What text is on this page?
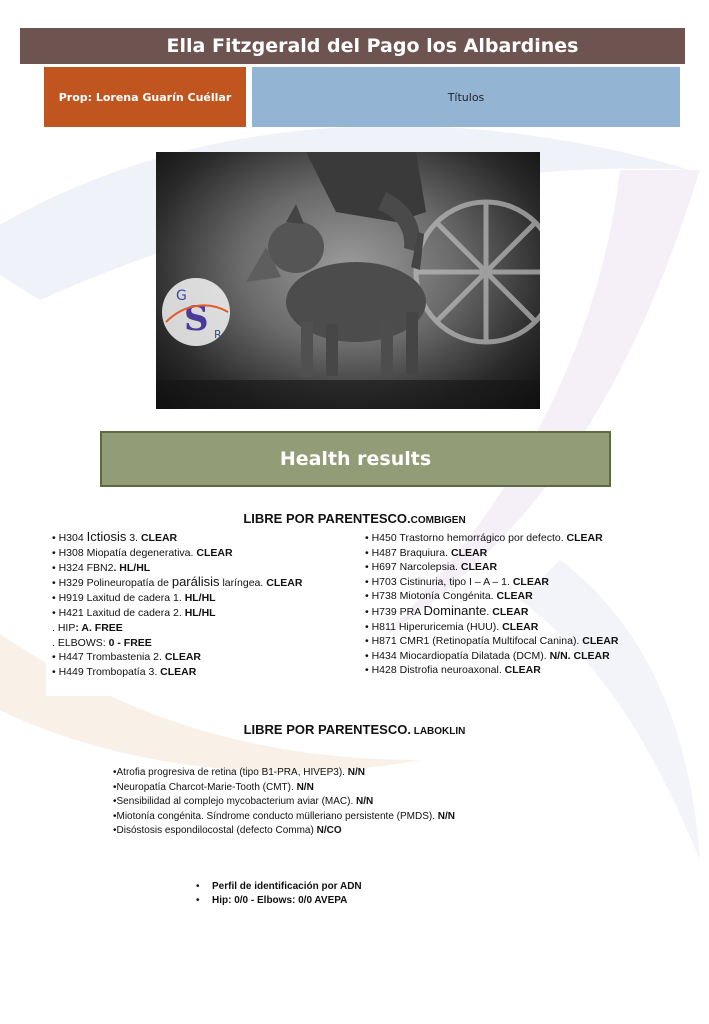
Ella Fitzgerald del Pago los Albardines
Prop: Lorena Guarín Cuéllar	Títulos
G
S R
Health results
LIBRE POR PARENTESCO.COMBIGEN
• H304 Ictiosis 3. CLEAR
• H308 Miopatía degenerativa. CLEAR
• H324 FBN2. HL/HL
• H329 Polineuropatía de parálisis laríngea. CLEAR
• H919 Laxitud de cadera 1. HL/HL
• H421 Laxitud de cadera 2. HL/HL
. HIP: A. FREE
. ELBOWS: 0 - FREE
• H447 Trombastenia 2. CLEAR
• H449 Trombopatía 3. CLEAR
• H450 Trastorno hemorrágico por defecto. CLEAR
• H487 Braquiura. CLEAR
• H697 Narcolepsia. CLEAR
• H703 Cistinuria, tipo I – A – 1. CLEAR
• H738 Miotonía Congénita. CLEAR
• H739 PRA Dominante. CLEAR
• H811 Hiperuricemia (HUU). CLEAR
• H871 CMR1 (Retinopatía Multifocal Canina). CLEAR
• H434 Miocardiopatía Dilatada (DCM). N/N. CLEAR
• H428 Distrofia neuroaxonal. CLEAR
LIBRE POR PARENTESCO. LABOKLIN
•Atrofia progresiva de retina (tipo B1-PRA, HIVEP3). N/N
•Neuropatía Charcot-Marie-Tooth (CMT). N/N
•Sensibilidad al complejo mycobacterium aviar (MAC). N/N
•Miotonía congénita. Síndrome conducto mülleriano persistente (PMDS). N/N
•Disóstosis espondilocostal (defecto Comma) N/CO
• Perfil de identificación por ADN
• Hip: 0/0 - Elbows: 0/0 AVEPA
